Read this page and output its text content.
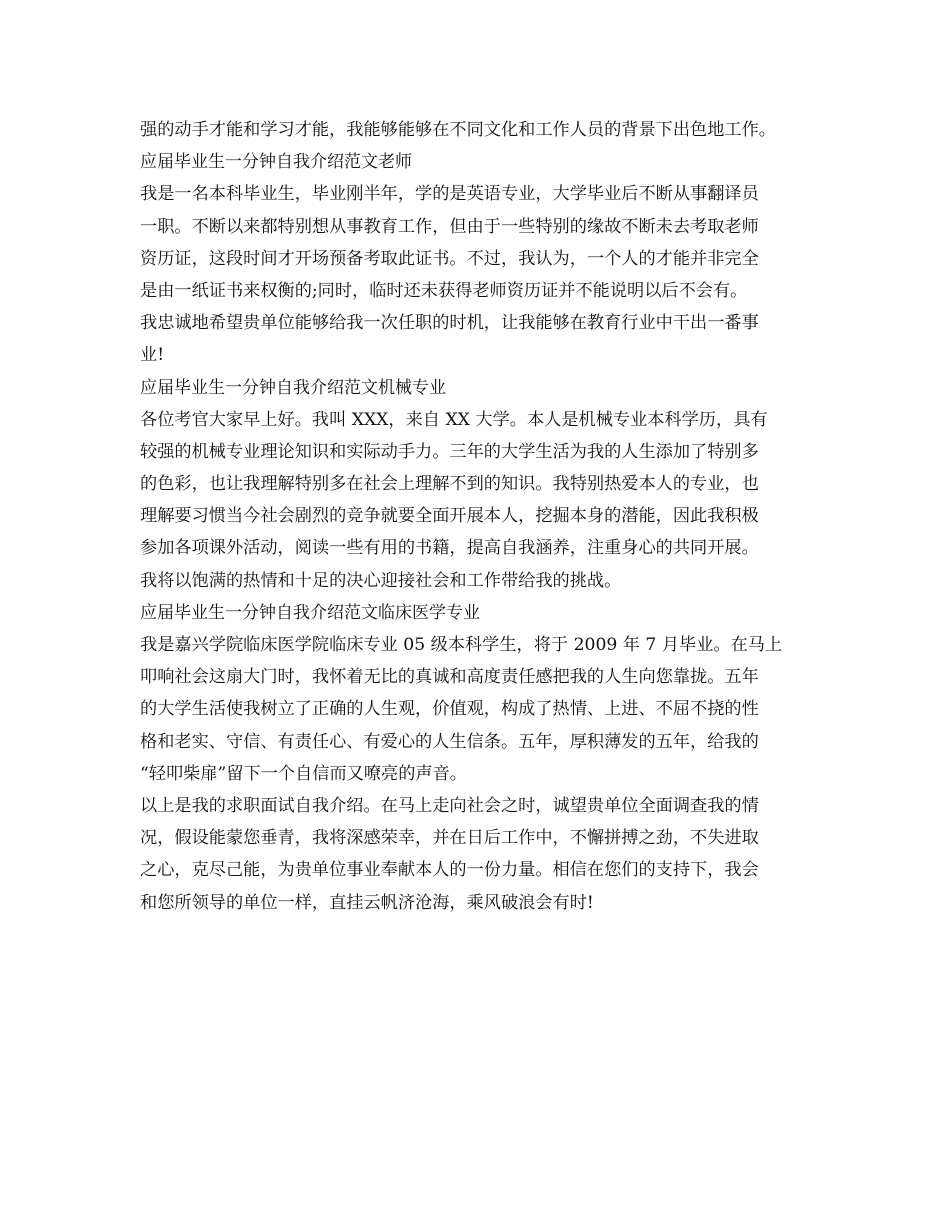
强的动手才能和学习才能，我能够能够在不同文化和工作人员的背景下出色地工作。
应届毕业生一分钟自我介绍范文老师
我是一名本科毕业生，毕业刚半年，学的是英语专业，大学毕业后不断从事翻译员
一职。不断以来都特别想从事教育工作，但由于一些特别的缘故不断未去考取老师
资历证，这段时间才开场预备考取此证书。不过，我认为，一个人的才能并非完全
是由一纸证书来权衡的;同时，临时还未获得老师资历证并不能说明以后不会有。
我忠诚地希望贵单位能够给我一次任职的时机，让我能够在教育行业中干出一番事
业!
应届毕业生一分钟自我介绍范文机械专业
各位考官大家早上好。我叫 XXX，来自 XX 大学。本人是机械专业本科学历，具有
较强的机械专业理论知识和实际动手力。三年的大学生活为我的人生添加了特别多
的色彩，也让我理解特别多在社会上理解不到的知识。我特别热爱本人的专业，也
理解要习惯当今社会剧烈的竞争就要全面开展本人，挖掘本身的潜能，因此我积极
参加各项课外活动，阅读一些有用的书籍，提高自我涵养，注重身心的共同开展。
我将以饱满的热情和十足的决心迎接社会和工作带给我的挑战。
应届毕业生一分钟自我介绍范文临床医学专业
我是嘉兴学院临床医学院临床专业 05 级本科学生，将于 2009 年 7 月毕业。在马上
叩响社会这扇大门时，我怀着无比的真诚和高度责任感把我的人生向您靠拢。五年
的大学生活使我树立了正确的人生观，价值观，构成了热情、上进、不屈不挠的性
格和老实、守信、有责任心、有爱心的人生信条。五年，厚积薄发的五年，给我的
“轻叩柴扉”留下一个自信而又嘹亮的声音。
以上是我的求职面试自我介绍。在马上走向社会之时，诚望贵单位全面调查我的情
况，假设能蒙您垂青，我将深感荣幸，并在日后工作中，不懈拼搏之劲，不失进取
之心，克尽己能，为贵单位事业奉献本人的一份力量。相信在您们的支持下，我会
和您所领导的单位一样，直挂云帆济沧海，乘风破浪会有时!
